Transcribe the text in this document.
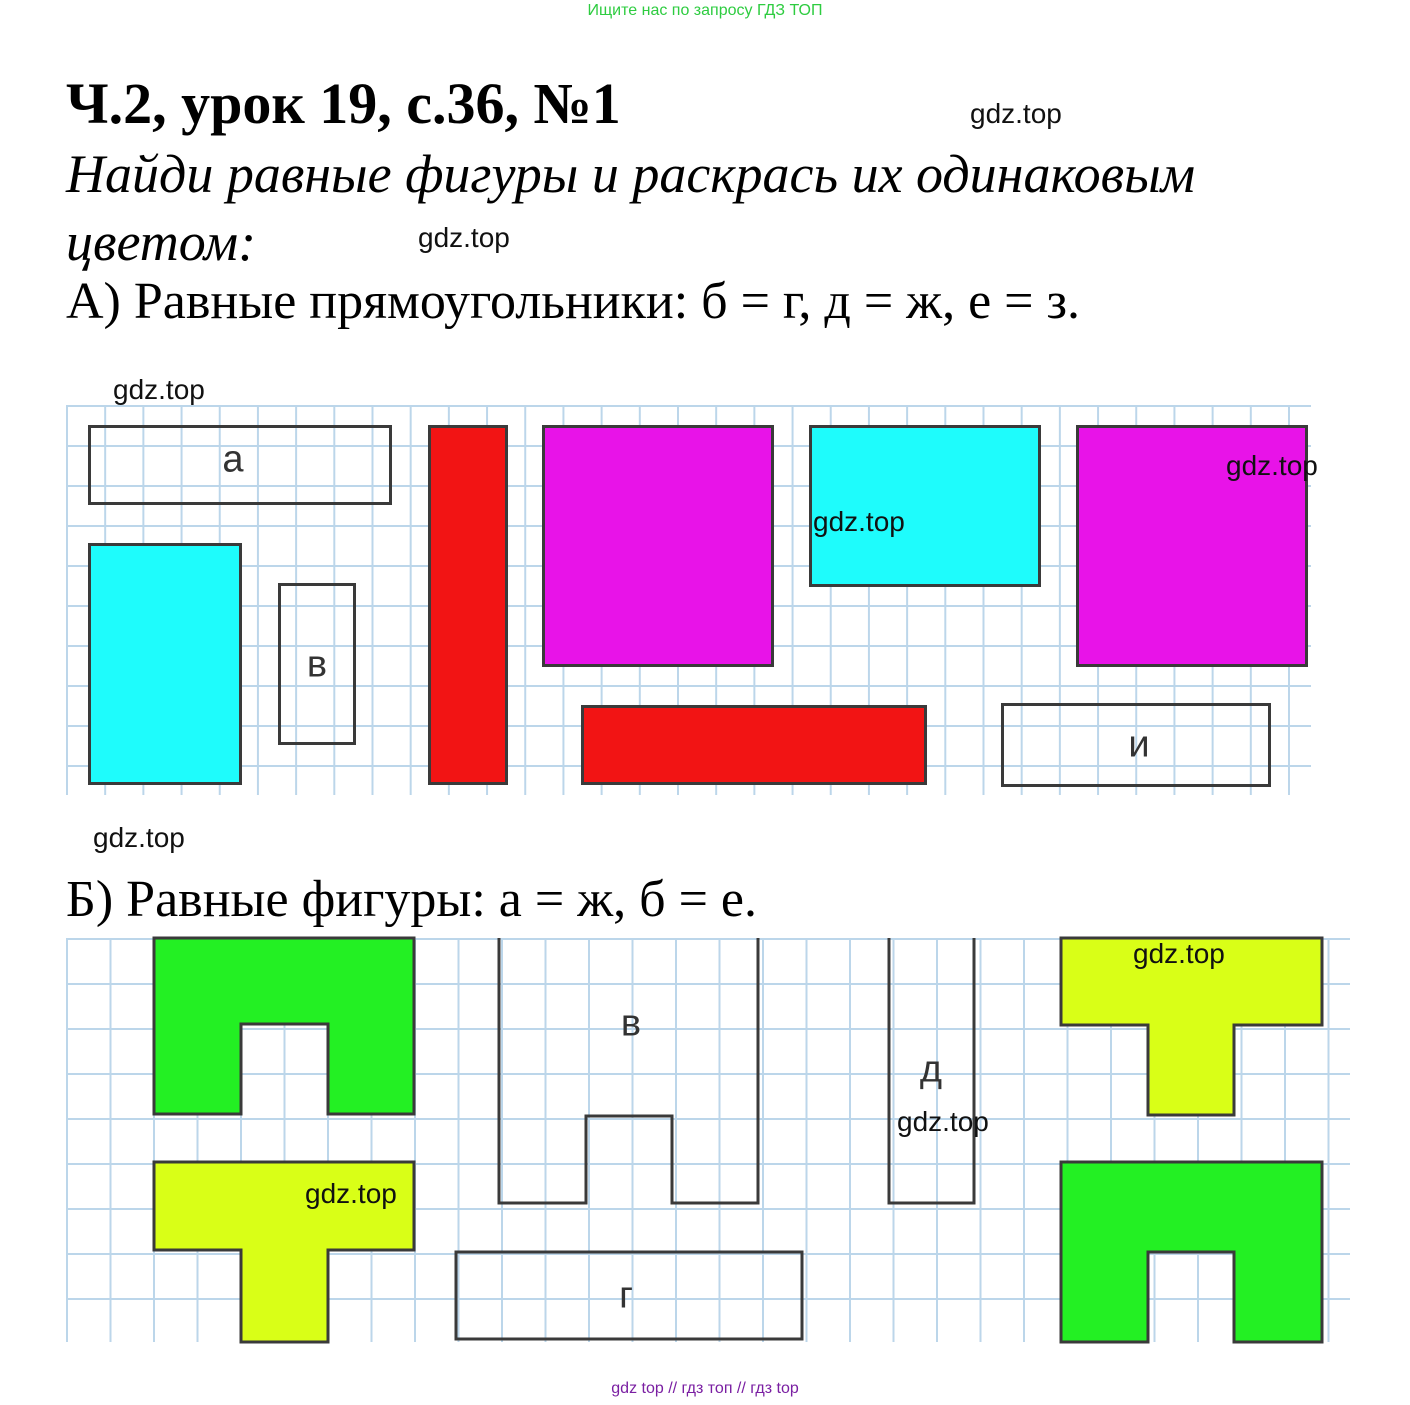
Ищите нас по запросу ГДЗ ТОП
Ч.2, урок 19, с.36, №1	gdz.top
Найди равные фигуры и раскрась их одинаковым цветом:	gdz.top
А) Равные прямоугольники: б = г, д = ж, е = з.
gdz.top
а
в
и
gdz.top
gdz.top
gdz.top
Б) Равные фигуры: а = ж, б = е.
в
г
д
gdz.top
gdz.top
gdz.top
gdz top // гдз топ // гдз top
